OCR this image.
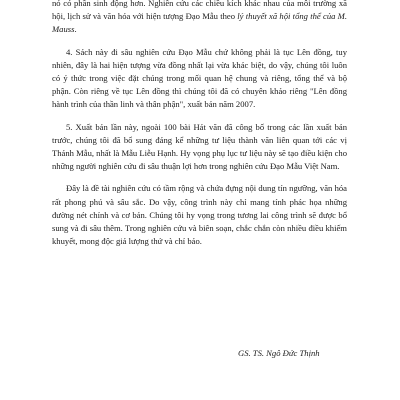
nó có phần sinh động hơn. Nghiên cứu các chiều kích khác nhau của môi trường xã hội, lịch sử và văn hóa với hiện tượng Đạo Mẫu theo lý thuyết xã hội tổng thể của M. Mauss.

4. Sách này đi sâu nghiên cứu Đạo Mẫu chứ không phải là tục Lên đồng, tuy nhiên, đây là hai hiện tượng vừa đồng nhất lại vừa khác biệt, do vậy, chúng tôi luôn có ý thức trong việc đặt chúng trong mối quan hệ chung và riêng, tổng thể và bộ phận. Còn riêng về tục Lên đồng thì chúng tôi đã có chuyên khảo riêng "Lên đồng hành trình của thần linh và thân phận", xuất bản năm 2007.

5. Xuất bản lần này, ngoài 100 bài Hát văn đã công bố trong các lần xuất bản trước, chúng tôi đã bổ sung đáng kể những tư liệu thành văn liên quan tới các vị Thánh Mẫu, nhất là Mẫu Liễu Hạnh. Hy vọng phụ lục tư liệu này sẽ tạo điều kiện cho những người nghiên cứu đi sâu thuận lợi hơn trong nghiên cứu Đạo Mẫu Việt Nam.

Đây là đề tài nghiên cứu có tầm rộng và chứa đựng nội dung tín ngưỡng, văn hóa rất phong phú và sâu sắc. Do vậy, công trình này chỉ mang tính phác họa những đường nét chính và cơ bản. Chúng tôi hy vọng trong tương lai công trình sẽ được bổ sung và đi sâu thêm. Trong nghiên cứu và biên soạn, chắc chắn còn nhiều điều khiếm khuyết, mong độc giả lượng thứ và chỉ bảo.

GS. TS. Ngô Đức Thịnh
